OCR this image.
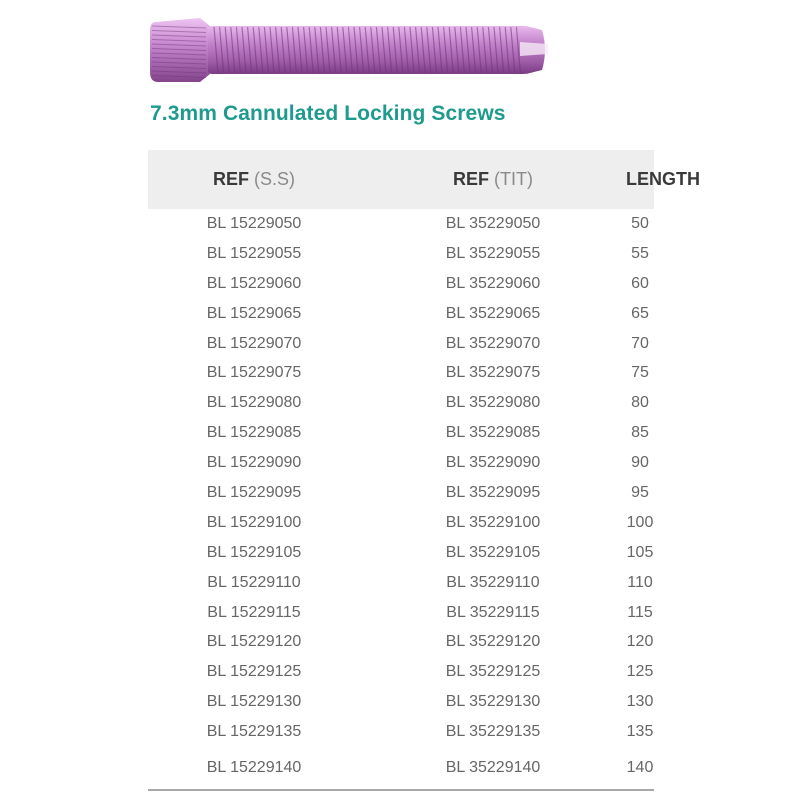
7.3mm Cannulated Locking Screws
REF (S.S)	REF (TIT)	LENGTH

BL 15229050	BL 35229050	50
BL 15229055	BL 35229055	55
BL 15229060	BL 35229060	60
BL 15229065	BL 35229065	65
BL 15229070	BL 35229070	70
BL 15229075	BL 35229075	75
BL 15229080	BL 35229080	80
BL 15229085	BL 35229085	85
BL 15229090	BL 35229090	90
BL 15229095	BL 35229095	95
BL 15229100	BL 35229100	100
BL 15229105	BL 35229105	105
BL 15229110	BL 35229110	110
BL 15229115	BL 35229115	115
BL 15229120	BL 35229120	120
BL 15229125	BL 35229125	125
BL 15229130	BL 35229130	130
BL 15229135	BL 35229135	135
BL 15229140	BL 35229140	140
